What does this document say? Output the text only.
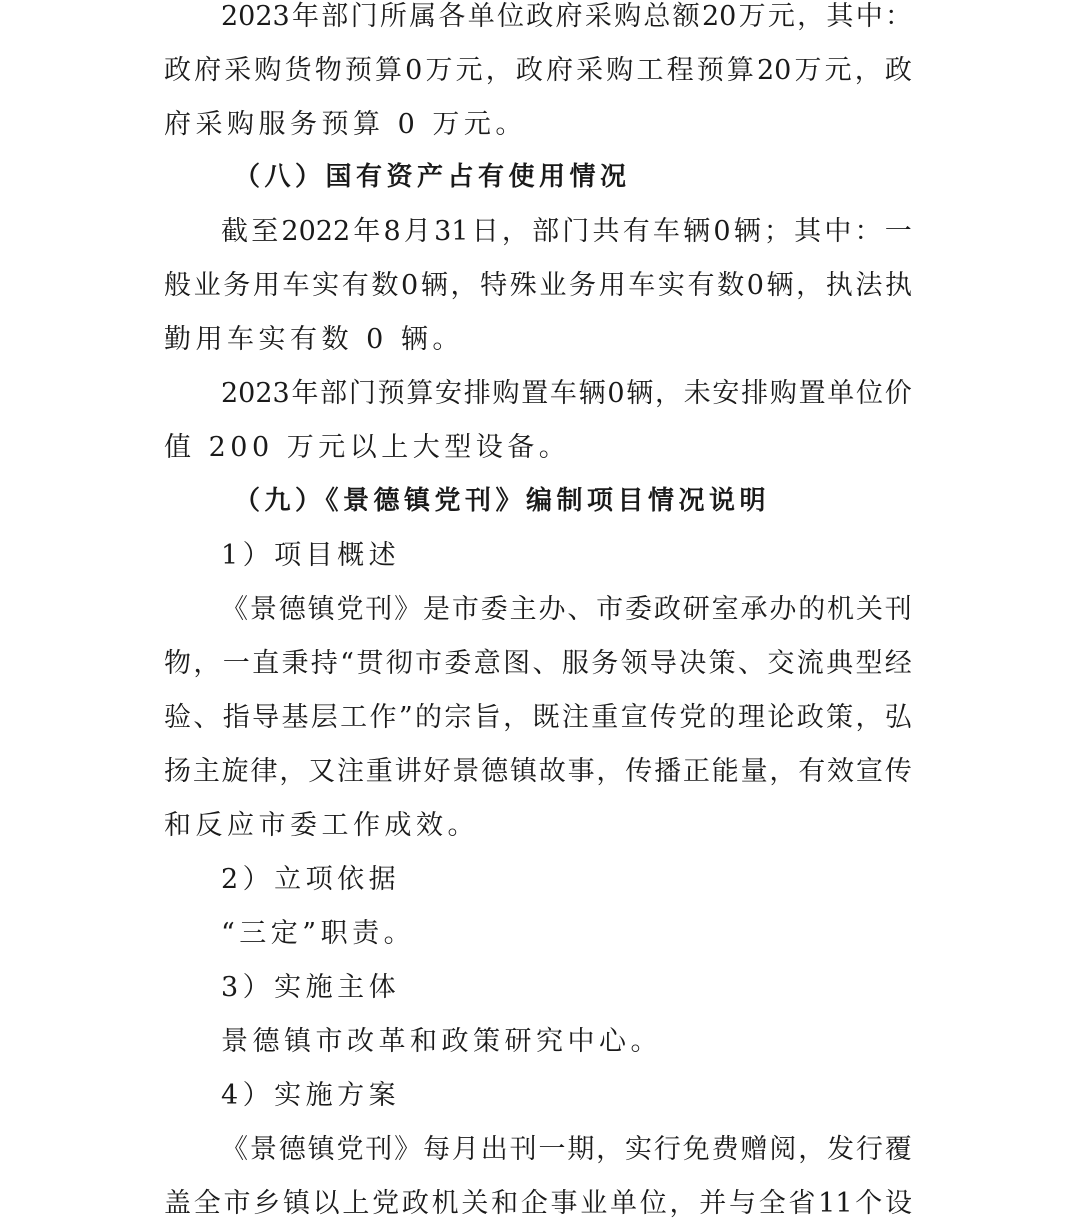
2023 年 部 门 所 属 各 单 位 政 府 采 购 总 额 20 万 元 ， 其 中 ：
政 府 采 购 货 物 预 算 0 万 元 ， 政 府 采 购 工 程 预 算 20 万 元 ， 政
府采购服务预算 0 万元。
（八）国有资产占有使用情况
截 至 2022 年 8 月 31 日 ， 部 门 共 有 车 辆 0 辆 ； 其 中 ： 一
般 业 务 用 车 实 有 数 0 辆 ， 特 殊 业 务 用 车 实 有 数 0 辆 ， 执 法 执
勤用车实有数 0 辆。
2023 年 部 门 预 算 安 排 购 置 车 辆 0 辆 ， 未 安 排 购 置 单 位 价
值 200 万元以上大型设备。
（九）《景德镇党刊》编制项目情况说明
1）项目概述
《 景 德 镇 党 刊 》 是 市 委 主 办 、 市 委 政 研 室 承 办 的 机 关 刊
物 ， 一 直 秉 持 “ 贯 彻 市 委 意 图 、 服 务 领 导 决 策 、 交 流 典 型 经
验 、 指 导 基 层 工 作 ” 的 宗 旨 ， 既 注 重 宣 传 党 的 理 论 政 策 ， 弘
扬 主 旋 律 ， 又 注 重 讲 好 景 德 镇 故 事 ， 传 播 正 能 量 ， 有 效 宣 传
和反应市委工作成效。
2）立项依据
“三定”职责。
3）实施主体
景德镇市改革和政策研究中心。
4）实施方案
《 景 德 镇 党 刊 》 每 月 出 刊 一 期 ， 实 行 免 费 赠 阅 ， 发 行 覆
盖 全 市 乡 镇 以 上 党 政 机 关 和 企 事 业 单 位 ， 并 与 全 省 11 个 设
